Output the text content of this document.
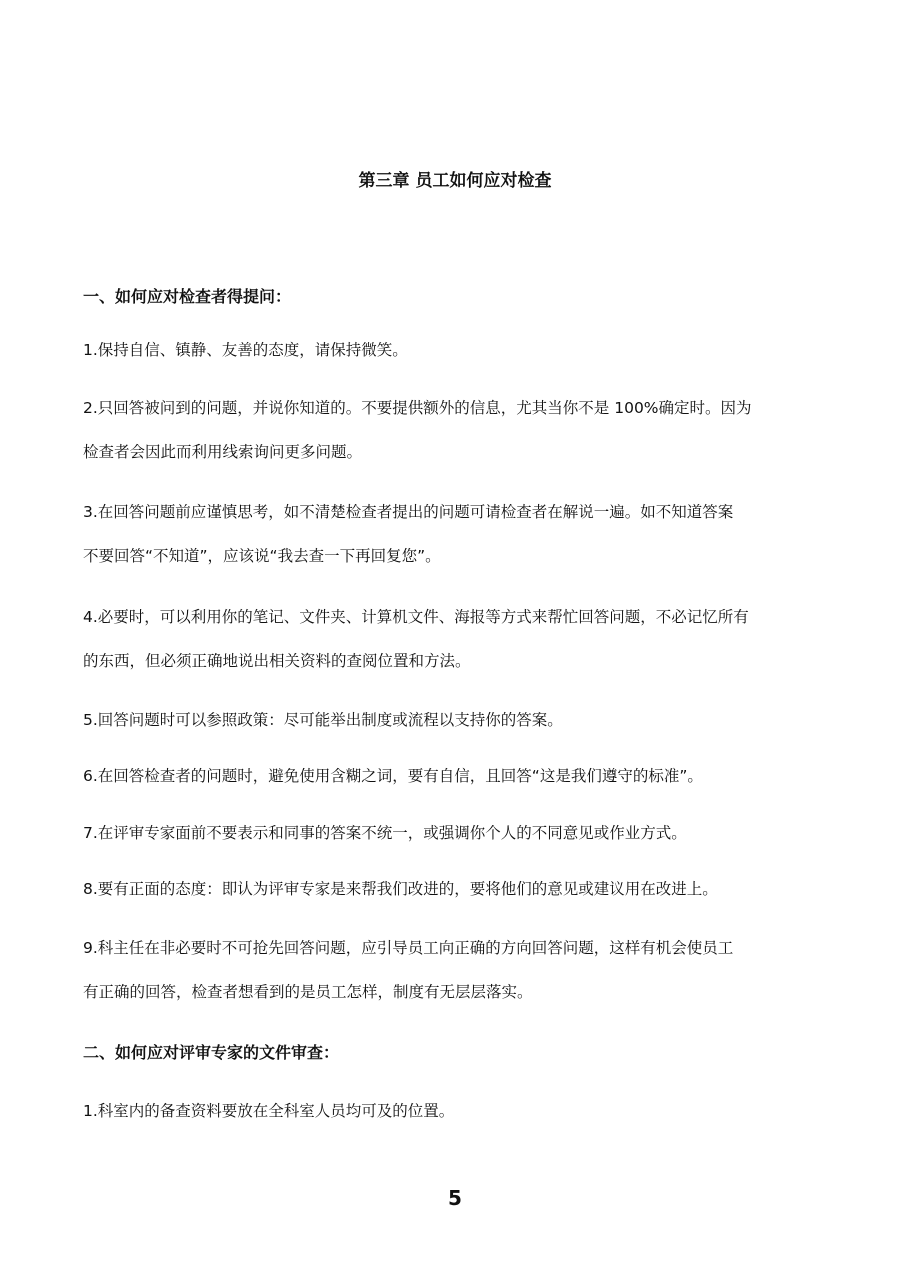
第三章 员工如何应对检查
一、如何应对检查者得提问：
1.保持自信、镇静、友善的态度，请保持微笑。
2.只回答被问到的问题，并说你知道的。不要提供额外的信息，尤其当你不是 100%确定时。因为
检查者会因此而利用线索询问更多问题。
3.在回答问题前应谨慎思考，如不清楚检查者提出的问题可请检查者在解说一遍。如不知道答案
不要回答“不知道”，应该说“我去查一下再回复您”。
4.必要时，可以利用你的笔记、文件夹、计算机文件、海报等方式来帮忙回答问题，不必记忆所有
的东西，但必须正确地说出相关资料的查阅位置和方法。
5.回答问题时可以参照政策：尽可能举出制度或流程以支持你的答案。
6.在回答检查者的问题时，避免使用含糊之词，要有自信，且回答“这是我们遵守的标准”。
7.在评审专家面前不要表示和同事的答案不统一，或强调你个人的不同意见或作业方式。
8.要有正面的态度：即认为评审专家是来帮我们改进的，要将他们的意见或建议用在改进上。
9.科主任在非必要时不可抢先回答问题，应引导员工向正确的方向回答问题，这样有机会使员工
有正确的回答，检查者想看到的是员工怎样，制度有无层层落实。
二、如何应对评审专家的文件审查：
1.科室内的备查资料要放在全科室人员均可及的位置。
5
